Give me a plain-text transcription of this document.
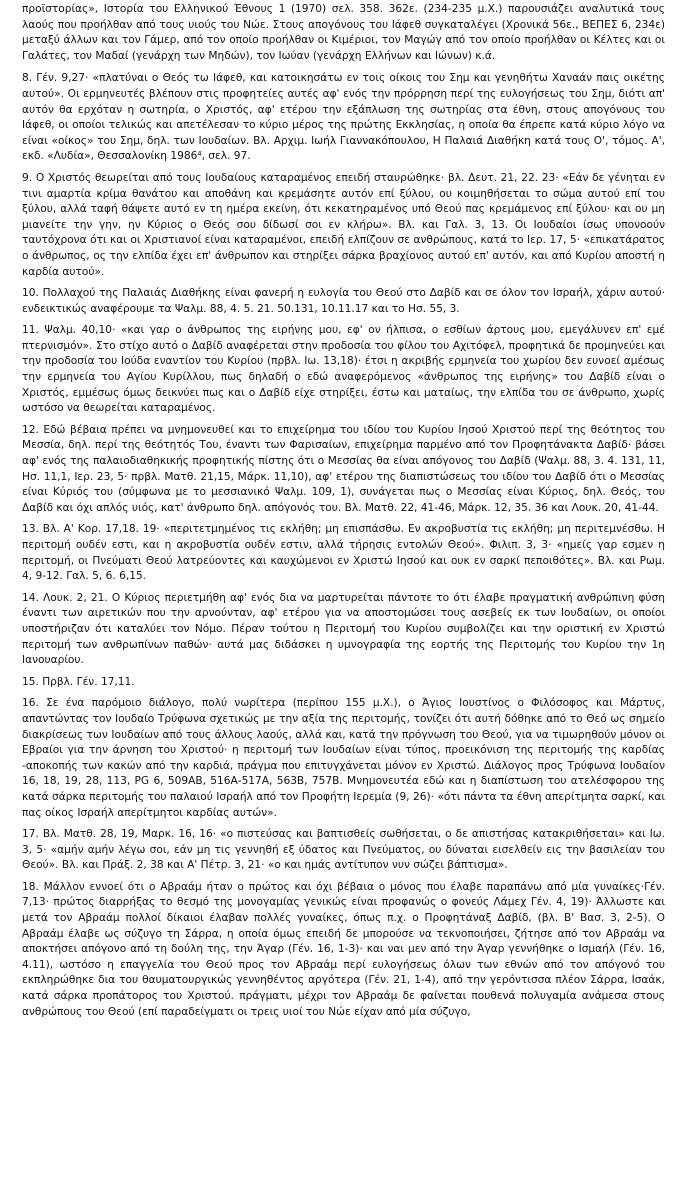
προϊστορίας», Ιστορία του Ελληνικού Έθνους 1 (1970) σελ. 358. 362ε. (234-235 μ.Χ.) παρουσιάζει αναλυτικά τους λαούς που προήλθαν από τους υιούς του Νώε. Στους απογόνους του Ιάφεθ συγκαταλέγει (Χρονικά 56ε., ΒΕΠΕΣ 6, 234ε) μεταξύ άλλων και τον Γάμερ, από τον οποίο προήλθαν οι Κιμέριοι, τον Μαγώγ από τον οποίο προήλθαν οι Κέλτες και οι Γαλάτες, τον Μαδαί (γενάρχη των Μηδών), τον Ιωύαν (γενάρχη Ελλήνων και Ιώνων) κ.ά.

8. Γέν. 9,27· «πλατύναι ο Θεός τω Ιάφεθ, και κατοικησάτω εν τοις οίκοις του Σημ και γενηθήτω Χαναάν παις οικέτης αυτού». Οι ερμηνευτές βλέπουν στις προφητείες αυτές αφ' ενός την πρόρρηση περί της ευλογήσεως του Σημ, διότι απ' αυτόν θα ερχόταν η σωτηρία, ο Χριστός, αφ' ετέρου την εξάπλωση της σωτηρίας στα έθνη, στους απογόνους του Ιάφεθ, οι οποίοι τελικώς και απετέλεσαν το κύριο μέρος της πρώτης Εκκλησίας, η οποία θα έπρεπε κατά κύριο λόγο να είναι «οίκος» του Σημ, δηλ. των Ιουδαίων. Βλ. Αρχιμ. Ιωήλ Γιαννακόπουλου, Η Παλαιά Διαθήκη κατά τους Ο', τόμος. Α', εκδ. «Λυδία», Θεσσαλονίκη 1986⁴, σελ. 97.

9. Ο Χριστός θεωρείται από τους Ιουδαίους καταραμένος επειδή σταυρώθηκε· βλ. Δευτ. 21, 22. 23· «Εάν δε γένηται εν τινι αμαρτία κρίμα θανάτου και αποθάνη και κρεμάσητε αυτόν επί ξύλου, ου κοιμηθήσεται το σώμα αυτού επί του ξύλου, αλλά ταφή θάψετε αυτό εν τη ημέρα εκείνη, ότι κεκατηραμένος υπό Θεού πας κρεμάμενος επί ξύλου· και ου μη μιανείτε την γην, ην Κύριος ο Θεός σου δίδωσί σοι εν κλήρω». Βλ. και Γαλ. 3, 13. Οι Ιουδαίοι ίσως υπονοούν ταυτόχρονα ότι και οι Χριστιανοί είναι καταραμένοι, επειδή ελπίζουν σε ανθρώπους, κατά το Ιερ. 17, 5· «επικατάρατος ο άνθρωπος, ος την ελπίδα έχει επ' άνθρωπον και στηρίξει σάρκα βραχίονος αυτού επ' αυτόν, και από Κυρίου αποστή η καρδία αυτού».

10. Πολλαχού της Παλαιάς Διαθήκης είναι φανερή η ευλογία του Θεού στο Δαβίδ και σε όλον τον Ισραήλ, χάριν αυτού· ενδεικτικώς αναφέρουμε τα Ψαλμ. 88, 4. 5. 21. 50.131, 10.11.17 και το Ησ. 55, 3.

11. Ψαλμ. 40,10· «και γαρ ο άνθρωπος της ειρήνης μου, εφ' ον ήλπισα, ο εσθίων άρτους μου, εμεγάλυνεν επ' εμέ πτερνισμόν». Στο στίχο αυτό ο Δαβίδ αναφέρεται στην προδοσία του φίλου του Αχιτόφελ, προφητικά δε προμηνεύει και την προδοσία του Ιούδα εναντίον του Κυρίου (πρβλ. Ιω. 13,18)· έτσι η ακριβής ερμηνεία του χωρίου δεν ευνοεί αμέσως την ερμηνεία του Αγίου Κυρίλλου, πως δηλαδή ο εδώ αναφερόμενος «άνθρωπος της ειρήνης» του Δαβίδ είναι ο Χριστός, εμμέσως όμως δεικνύει πως και ο Δαβίδ είχε στηρίξει, έστω και ματαίως, την ελπίδα του σε άνθρωπο, χωρίς ωστόσο να θεωρείται καταραμένος.

12. Εδώ βέβαια πρέπει να μνημονευθεί και το επιχείρημα του ιδίου του Κυρίου Ιησού Χριστού περί της θεότητος του Μεσσία, δηλ. περί της θεότητός Του, έναντι των Φαρισαίων, επιχείρημα παρμένο από τον Προφητάνακτα Δαβίδ· βάσει αφ' ενός της παλαιοδιαθηκικής προφητικής πίστης ότι ο Μεσσίας θα είναι απόγονος του Δαβίδ (Ψαλμ. 88, 3. 4. 131, 11, Ησ. 11,1, Ιερ. 23, 5· πρβλ. Ματθ. 21,15, Μάρκ. 11,10), αφ' ετέρου της διαπιστώσεως του ιδίου του Δαβίδ ότι ο Μεσσίας είναι Κύριός του (σύμφωνα με το μεσσιανικό Ψαλμ. 109, 1), συνάγεται πως ο Μεσσίας είναι Κύριος, δηλ. Θεός, του Δαβίδ και όχι απλός υιός, κατ' άνθρωπο δηλ. απόγονός του. Βλ. Ματθ. 22, 41-46, Μάρκ. 12, 35. 36 και Λουκ. 20, 41-44.

13. Βλ. Α' Κορ. 17,18. 19· «περιτετμημένος τις εκλήθη; μη επισπάσθω. Εν ακροβυστία τις εκλήθη; μη περιτεμνέσθω. Η περιτομή ουδέν εστι, και η ακροβυστία ουδέν εστιν, αλλά τήρησις εντολών Θεού». Φιλιπ. 3, 3· «ημείς γαρ εσμεν η περιτομή, οι Πνεύματι Θεού λατρεύοντες και καυχώμενοι εν Χριστώ Ιησού και ουκ εν σαρκί πεποιθότες». Βλ. και Ρωμ. 4, 9-12. Γαλ. 5, 6. 6,15.

14. Λουκ. 2, 21. Ο Κύριος περιετμήθη αφ' ενός δια να μαρτυρείται πάντοτε το ότι έλαβε πραγματική ανθρώπινη φύση έναντι των αιρετικών που την αρνούνταν, αφ' ετέρου για να αποστομώσει τους ασεβείς εκ των Ιουδαίων, οι οποίοι υποστήριζαν ότι καταλύει τον Νόμο. Πέραν τούτου η Περιτομή του Κυρίου συμβολίζει και την οριστική εν Χριστώ περιτομή των ανθρωπίνων παθών· αυτά μας διδάσκει η υμνογραφία της εορτής της Περιτομής του Κυρίου την 1η Ιανουαρίου.

15. Πρβλ. Γέν. 17,11.

16. Σε ένα παρόμοιο διάλογο, πολύ νωρίτερα (περίπου 155 μ.Χ.), ο Άγιος Ιουστίνος ο Φιλόσοφος και Μάρτυς, απαντώντας τον Ιουδαίο Τρύφωνα σχετικώς με την αξία της περιτομής, τονίζει ότι αυτή δόθηκε από το Θεό ως σημείο διακρίσεως των Ιουδαίων από τους άλλους λαούς, αλλά και, κατά την πρόγνωση του Θεού, για να τιμωρηθούν μόνον οι Εβραίοι για την άρνηση του Χριστού· η περιτομή των Ιουδαίων είναι τύπος, προεικόνιση της περιτομής της καρδίας -αποκοπής των κακών από την καρδιά, πράγμα που επιτυγχάνεται μόνον εν Χριστώ. Διάλογος προς Τρύφωνα Ιουδαίον 16, 18, 19, 28, 113, PG 6, 509ΑΒ, 516Α-517Α, 563Β, 757Β. Μνημονευτέα εδώ και η διαπίστωση του ατελέσφορου της κατά σάρκα περιτομής του παλαιού Ισραήλ από τον Προφήτη Ιερεμία (9, 26)· «ότι πάντα τα έθνη απερίτμητα σαρκί, και πας οίκος Ισραήλ απερίτμητοι καρδίας αυτών».

17. Βλ. Ματθ. 28, 19, Μαρκ. 16, 16· «ο πιστεύσας και βαπτισθείς σωθήσεται, ο δε απιστήσας κατακριθήσεται» και Ιω. 3, 5· «αμήν αμήν λέγω σοι, εάν μη τις γεννηθή εξ ύδατος και Πνεύματος, ου δύναται εισελθείν εις την βασιλείαν του Θεού». Βλ. και Πράξ. 2, 38 και Α' Πέτρ. 3, 21· «ο και ημάς αντίτυπον νυν σώζει βάπτισμα».

18. Μάλλον εννοεί ότι ο Αβραάμ ήταν ο πρώτος και όχι βέβαια ο μόνος που έλαβε παραπάνω από μία γυναίκες·Γέν. 7,13· πρώτος διαρρήξας το θεσμό της μονογαμίας γενικώς είναι προφανώς ο φονεύς Λάμεχ Γέν. 4, 19)· Άλλωστε και μετά τον Αβραάμ πολλοί δίκαιοι έλαβαν πολλές γυναίκες, όπως π.χ. ο Προφητάναξ Δαβίδ, (βλ. Β' Βασ. 3, 2-5). Ο Αβραάμ έλαβε ως σύζυγο τη Σάρρα, η οποία όμως επειδή δε μπορούσε να τεκνοποιήσει, ζήτησε από τον Αβραάμ να αποκτήσει απόγονο από τη δούλη της, την Άγαρ (Γέν. 16, 1-3)· και ναι μεν από την Άγαρ γεννήθηκε ο Ισμαήλ (Γέν. 16, 4.11), ωστόσο η επαγγελία του Θεού προς τον Αβραάμ περί ευλογήσεως όλων των εθνών από τον απόγονό του εκπληρώθηκε δια του θαυματουργικώς γεννηθέντος αργότερα (Γέν. 21, 1-4), από την γερόντισσα πλέον Σάρρα, Ισαάκ, κατά σάρκα προπάτορος του Χριστού. πράγματι, μέχρι τον Αβραάμ δε φαίνεται πουθενά πολυγαμία ανάμεσα στους ανθρώπους του Θεού (επί παραδείγματι οι τρεις υιοί του Νώε είχαν από μία σύζυγο,
